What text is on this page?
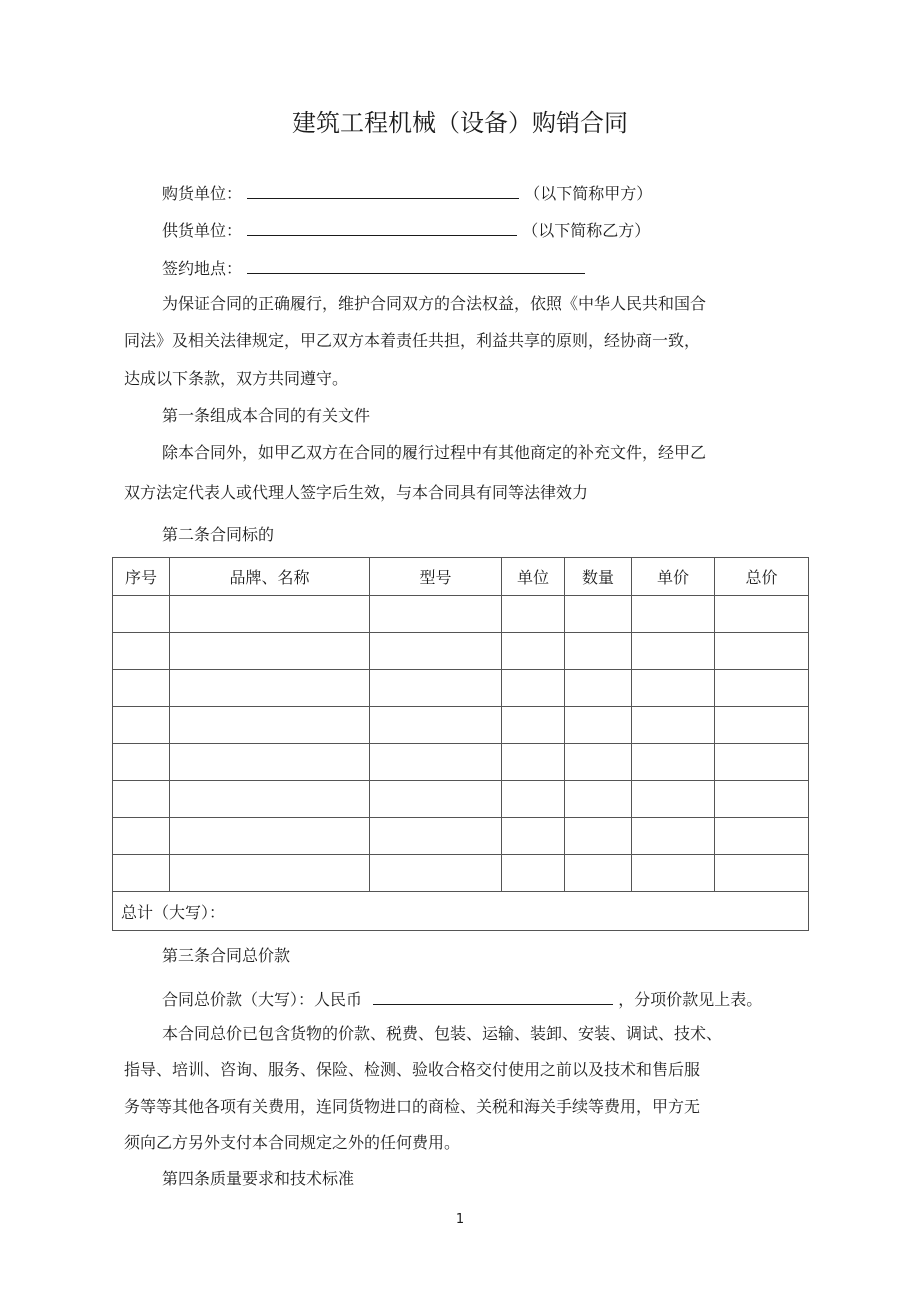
建筑工程机械（设备）购销合同
购货单位：	（以下简称甲方）
供货单位：	（以下简称乙方）
签约地点：
为保证合同的正确履行，维护合同双方的合法权益，依照《中华人民共和国合
同法》及相关法律规定，甲乙双方本着责任共担，利益共享的原则，经协商一致，
达成以下条款，双方共同遵守。
第一条组成本合同的有关文件
除本合同外，如甲乙双方在合同的履行过程中有其他商定的补充文件，经甲乙
双方法定代表人或代理人签字后生效，与本合同具有同等法律效力
第二条合同标的
序号	品牌、名称	型号	单位	数量	单价	总价

总计（大写）：						
第三条合同总价款
合同总价款（大写）：人民币	，分项价款见上表。
本合同总价已包含货物的价款、税费、包装、运输、装卸、安装、调试、技术、
指导、培训、咨询、服务、保险、检测、验收合格交付使用之前以及技术和售后服
务等等其他各项有关费用，连同货物进口的商检、关税和海关手续等费用，甲方无
须向乙方另外支付本合同规定之外的任何费用。
第四条质量要求和技术标准
1
